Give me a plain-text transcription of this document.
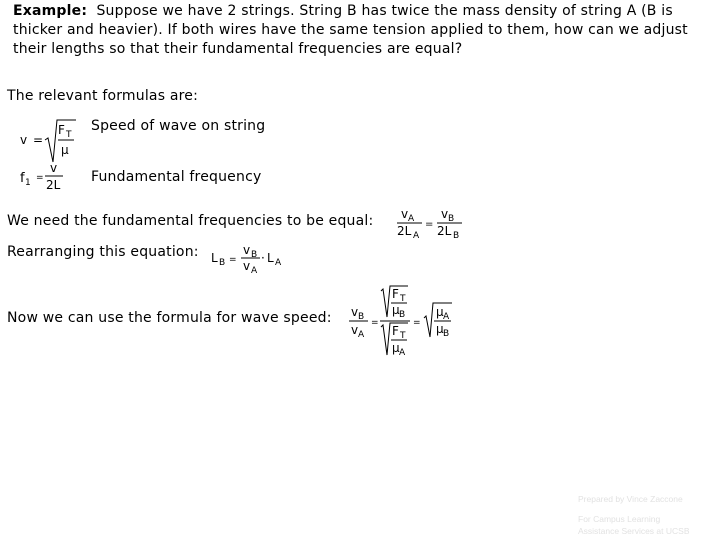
Example: Suppose we have 2 strings. String B has twice the mass density of string A (B is thicker and heavier). If both wires have the same tension applied to them, how can we adjust their lengths so that their fundamental frequencies are equal?
The relevant formulas are:
v =
F T
μ
Speed of wave on string
f 1 =
v
2L Fundamental frequency
We need the fundamental frequencies to be equal: v A
2L A
=
v B
2L B
Rearranging this equation: L B =
v B
v A
· L A
Now we can use the formula for wave speed: v B
v A
=
F T
μ B
F T
μ A
=
μ A
μ B
Prepared by Vince Zaccone
For Campus Learning
Assistance Services at UCSB
